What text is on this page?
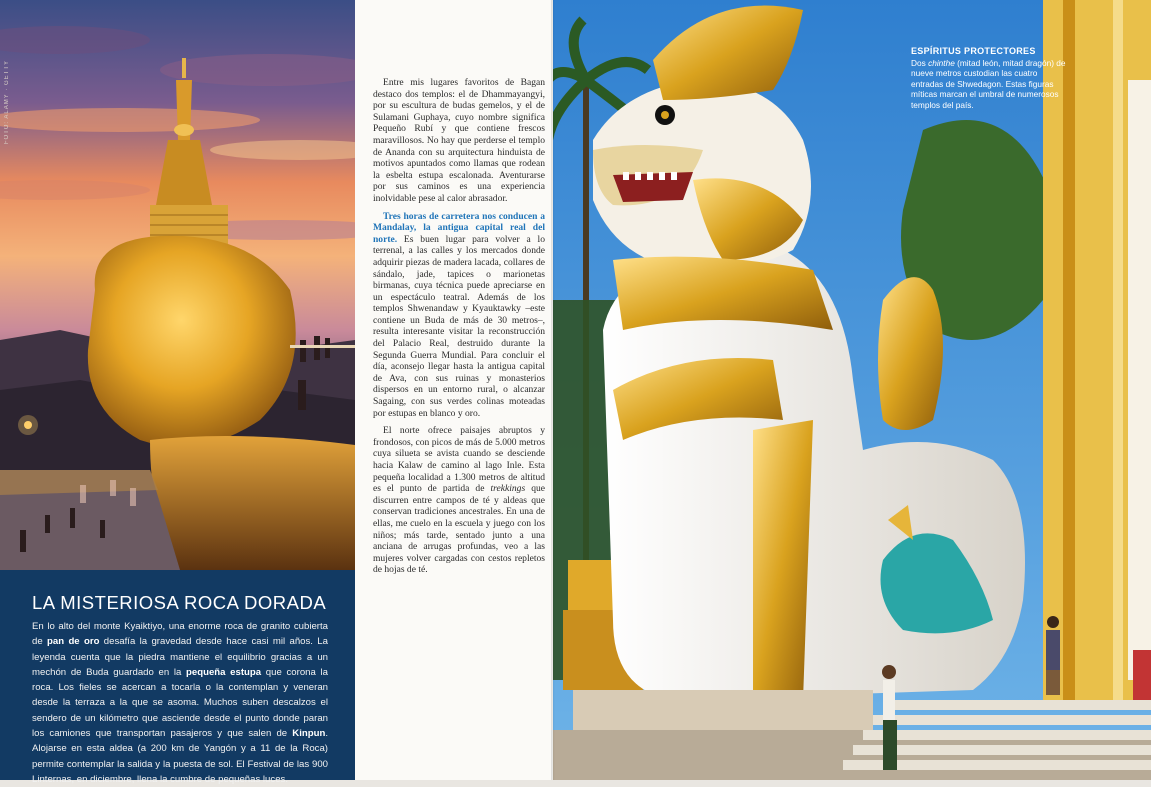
FOTO: ALAMY · GETTY
LA MISTERIOSA ROCA DORADA
En lo alto del monte Kyaiktiyo, una enorme roca de granito cubierta de pan de oro desafía la gravedad desde hace casi mil años. La leyenda cuenta que la piedra mantiene el equilibrio gracias a un mechón de Buda guardado en la pequeña estupa que corona la roca. Los fieles se acercan a tocarla o la contemplan y veneran desde la terraza a la que se asoma. Muchos suben descalzos el sendero de un kilómetro que asciende desde el punto donde paran los camiones que transportan pasajeros y que salen de Kinpun. Alojarse en esta aldea (a 200 km de Yangón y a 11 de la Roca) permite contemplar la salida y la puesta de sol. El Festival de las 900 Linternas, en diciembre, llena la cumbre de pequeñas luces.

Entre mis lugares favoritos de Bagan destaco dos templos: el de Dhammayangyi, por su escultura de budas gemelos, y el de Sulamani Guphaya, cuyo nombre significa Pequeño Rubí y que contiene frescos maravillosos. No hay que perderse el templo de Ananda con su arquitectura hinduista de motivos apuntados como llamas que rodean la esbelta estupa escalonada. Aventurarse por sus caminos es una experiencia inolvidable pese al calor abrasador.

Tres horas de carretera nos conducen a Mandalay, la antigua capital real del norte. Es buen lugar para volver a lo terrenal, a las calles y los mercados donde adquirir piezas de madera lacada, collares de sándalo, jade, tapices o marionetas birmanas, cuya técnica puede apreciarse en un espectáculo teatral. Además de los templos Shwenandaw y Kyauktawky –este contiene un Buda de más de 30 metros–, resulta interesante visitar la reconstrucción del Palacio Real, destruido durante la Segunda Guerra Mundial. Para concluir el día, aconsejo llegar hasta la antigua capital de Ava, con sus ruinas y monasterios dispersos en un entorno rural, o alcanzar Sagaing, con sus verdes colinas moteadas por estupas en blanco y oro.

El norte ofrece paisajes abruptos y frondosos, con picos de más de 5.000 metros cuya silueta se avista cuando se desciende hacia Kalaw de camino al lago Inle. Esta pequeña localidad a 1.300 metros de altitud es el punto de partida de trekkings que discurren entre campos de té y aldeas que conservan tradiciones ancestrales. En una de ellas, me cuelo en la escuela y juego con los niños; más tarde, sentado junto a una anciana de arrugas profundas, veo a las mujeres volver cargadas con cestos repletos de hojas de té.

ESPÍRITUS PROTECTORES
Dos chinthe (mitad león, mitad dragón) de nueve metros custodian las cuatro entradas de Shwedagon. Estas figuras míticas marcan el umbral de numerosos templos del país.
